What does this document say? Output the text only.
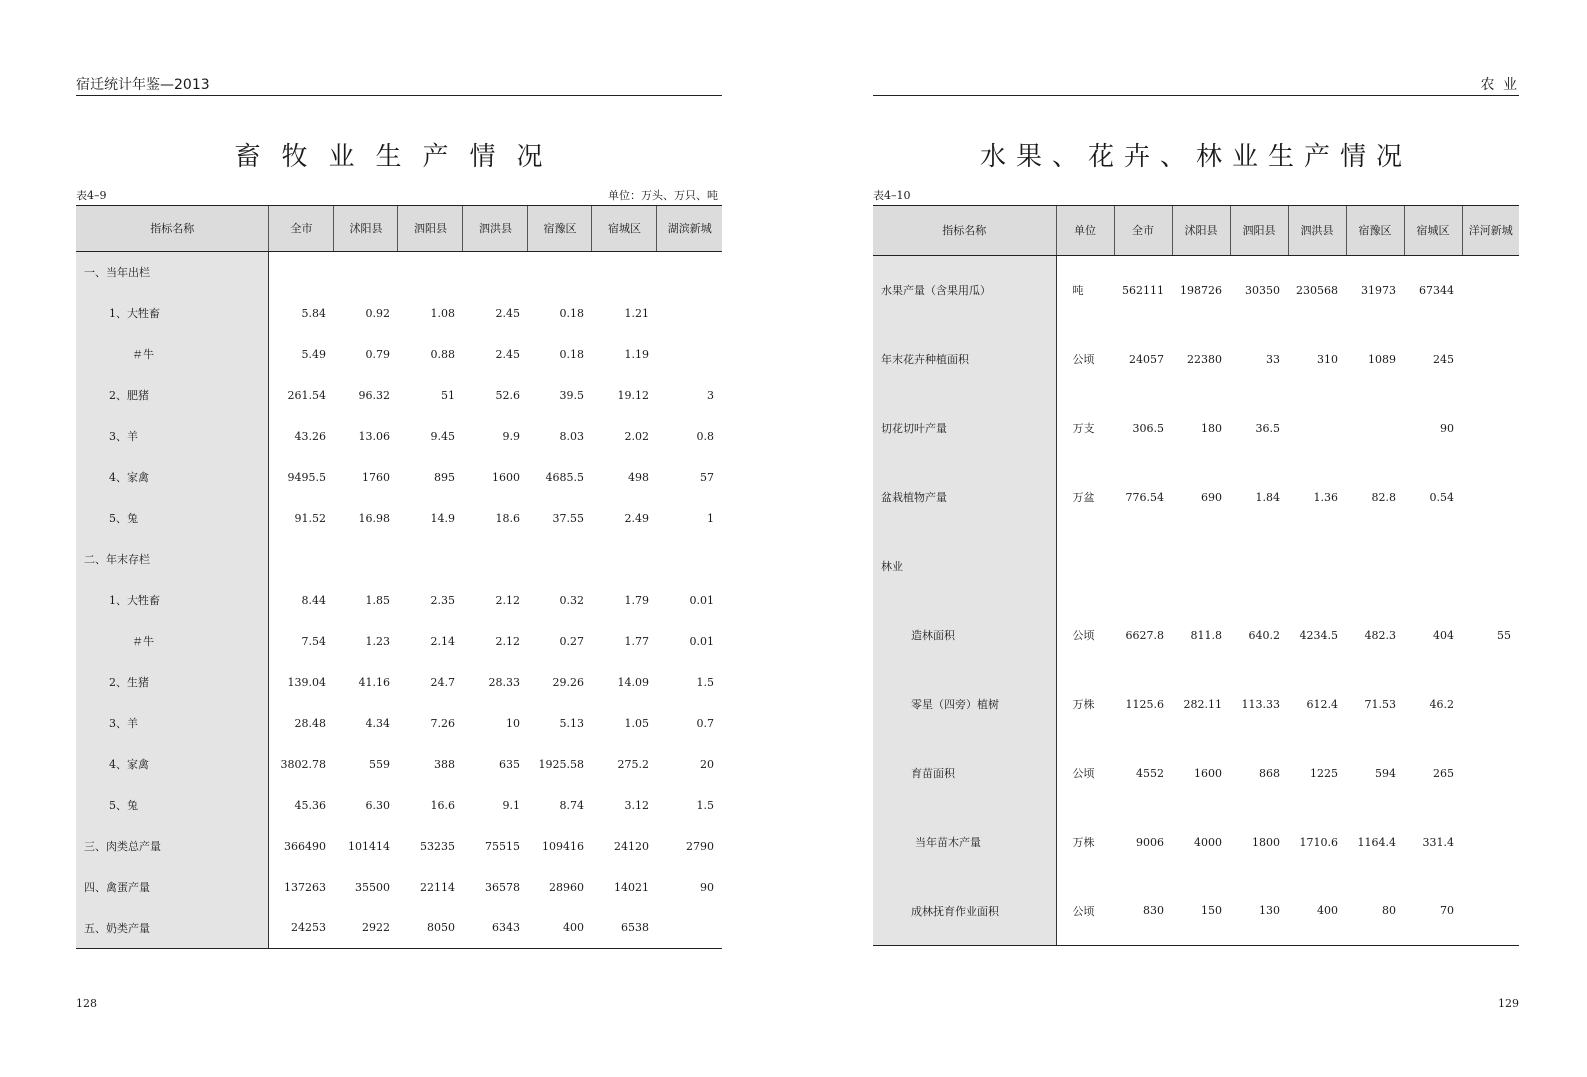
宿迁统计年鉴—2013
畜牧业生产情况
表4–9	单位：万头、万只、吨
指标名称	全市	沭阳县	泗阳县	泗洪县	宿豫区	宿城区	湖滨新城
一、当年出栏							
1、大牲畜	5.84	0.92	1.08	2.45	0.18	1.21	
＃牛	5.49	0.79	0.88	2.45	0.18	1.19	
2、肥猪	261.54	96.32	51	52.6	39.5	19.12	3
3、羊	43.26	13.06	9.45	9.9	8.03	2.02	0.8
4、家禽	9495.5	1760	895	1600	4685.5	498	57
5、兔	91.52	16.98	14.9	18.6	37.55	2.49	1
二、年末存栏							
1、大牲畜	8.44	1.85	2.35	2.12	0.32	1.79	0.01
＃牛	7.54	1.23	2.14	2.12	0.27	1.77	0.01
2、生猪	139.04	41.16	24.7	28.33	29.26	14.09	1.5
3、羊	28.48	4.34	7.26	10	5.13	1.05	0.7
4、家禽	3802.78	559	388	635	1925.58	275.2	20
5、兔	45.36	6.30	16.6	9.1	8.74	3.12	1.5
三、肉类总产量	366490	101414	53235	75515	109416	24120	2790
四、禽蛋产量	137263	35500	22114	36578	28960	14021	90
五、奶类产量	24253	2922	8050	6343	400	6538	
128
农 业
水果、花卉、林业生产情况
表4–10
指标名称	单位	全市	沭阳县	泗阳县	泗洪县	宿豫区	宿城区	洋河新城
水果产量（含果用瓜）	吨	562111	198726	30350	230568	31973	67344	
年末花卉种植面积	公顷	24057	22380	33	310	1089	245	
切花切叶产量	万支	306.5	180	36.5			90	
盆栽植物产量	万盆	776.54	690	1.84	1.36	82.8	0.54	
林业								
造林面积	公顷	6627.8	811.8	640.2	4234.5	482.3	404	55
零星（四旁）植树	万株	1125.6	282.11	113.33	612.4	71.53	46.2	
育苗面积	公顷	4552	1600	868	1225	594	265	
当年苗木产量	万株	9006	4000	1800	1710.6	1164.4	331.4	
成林抚育作业面积	公顷	830	150	130	400	80	70	
129
